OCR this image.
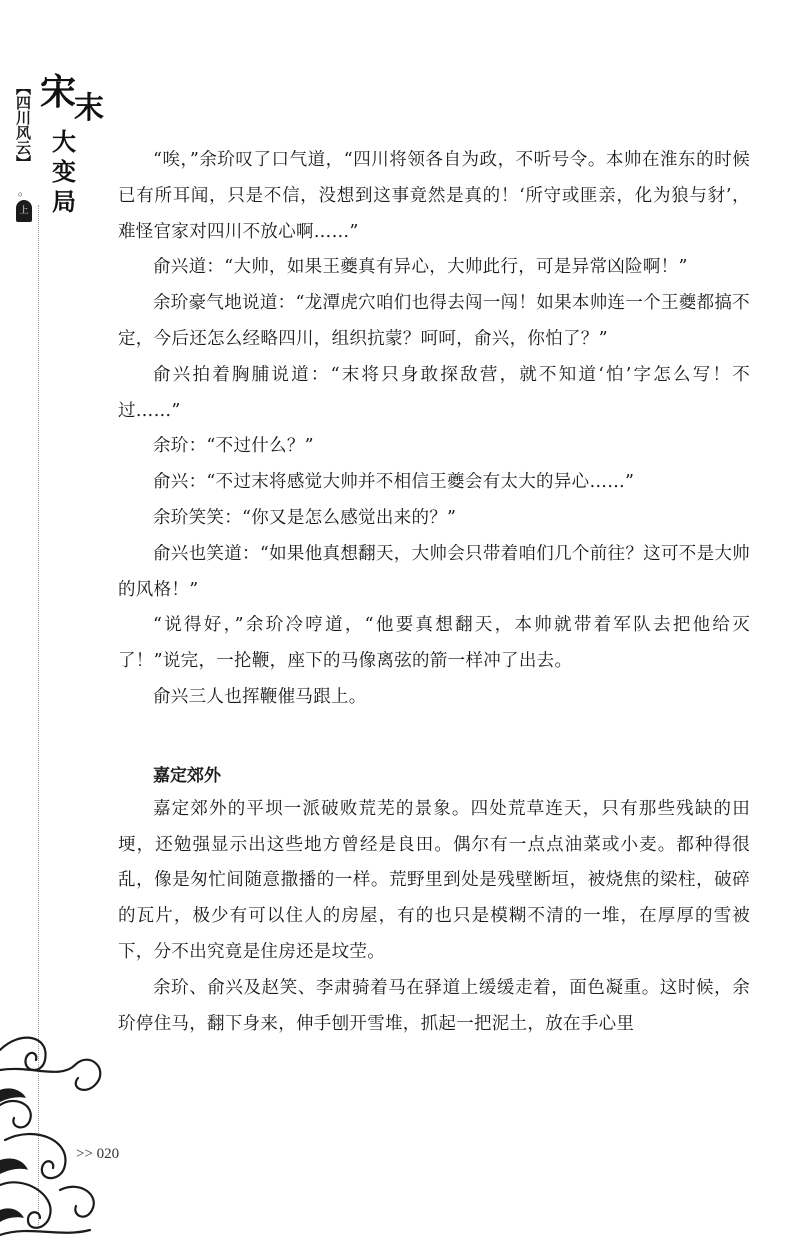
【四川风云】
。
上
宋
末
大
变
局

“唉，”余玠叹了口气道，“四川将领各自为政，不听号令。本帅在淮东的时候已有所耳闻，只是不信，没想到这事竟然是真的！‘所守或匪亲，化为狼与豺’，难怪官家对四川不放心啊……”

俞兴道：“大帅，如果王夔真有异心，大帅此行，可是异常凶险啊！”

余玠豪气地说道：“龙潭虎穴咱们也得去闯一闯！如果本帅连一个王夔都搞不定，今后还怎么经略四川，组织抗蒙？呵呵，俞兴，你怕了？”

俞兴拍着胸脯说道：“末将只身敢探敌营，就不知道‘怕’字怎么写！不过……”

余玠：“不过什么？”

俞兴：“不过末将感觉大帅并不相信王夔会有太大的异心……”

余玠笑笑：“你又是怎么感觉出来的？”

俞兴也笑道：“如果他真想翻天，大帅会只带着咱们几个前往？这可不是大帅的风格！”

“说得好，”余玠冷哼道，“他要真想翻天，本帅就带着军队去把他给灭了！”说完，一抡鞭，座下的马像离弦的箭一样冲了出去。

俞兴三人也挥鞭催马跟上。

嘉定郊外

嘉定郊外的平坝一派破败荒芜的景象。四处荒草连天，只有那些残缺的田埂，还勉强显示出这些地方曾经是良田。偶尔有一点点油菜或小麦。都种得很乱，像是匆忙间随意撒播的一样。荒野里到处是残壁断垣，被烧焦的梁柱，破碎的瓦片，极少有可以住人的房屋，有的也只是模糊不清的一堆，在厚厚的雪被下，分不出究竟是住房还是坟茔。

余玠、俞兴及赵笑、李肃骑着马在驿道上缓缓走着，面色凝重。这时候，余玠停住马，翻下身来，伸手刨开雪堆，抓起一把泥土，放在手心里

>> 020
